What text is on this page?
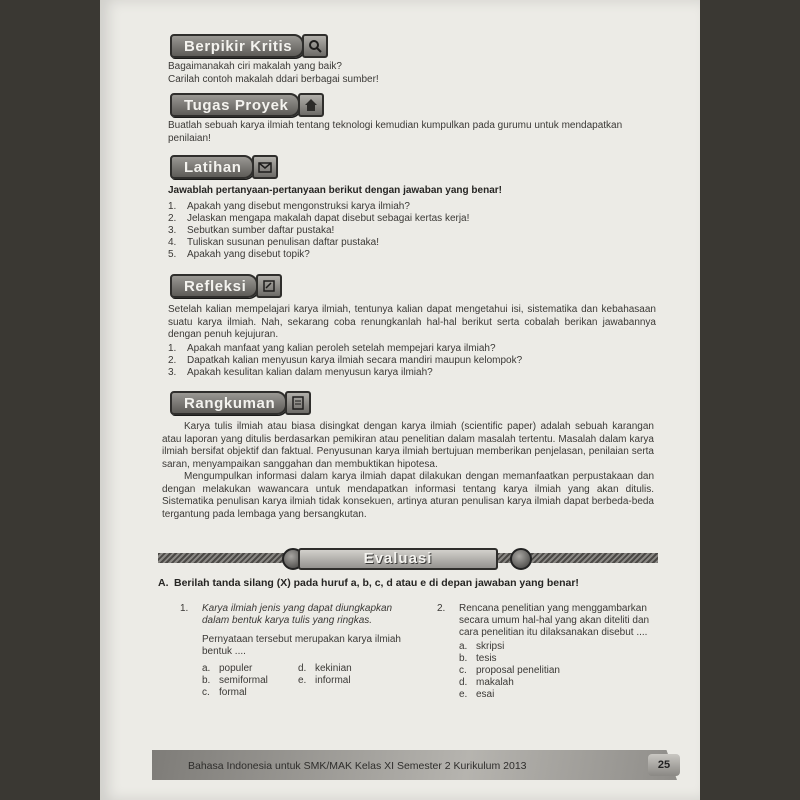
Berpikir Kritis
Bagaimanakah ciri makalah yang baik?
Carilah contoh makalah ddari berbagai sumber!
Tugas Proyek
Buatlah sebuah karya ilmiah tentang teknologi kemudian kumpulkan pada gurumu untuk mendapatkan penilaian!
Latihan
Jawablah pertanyaan-pertanyaan berikut dengan jawaban yang benar!
1.	Apakah yang disebut mengonstruksi karya ilmiah?
2.	Jelaskan mengapa makalah dapat disebut sebagai kertas kerja!
3.	Sebutkan sumber daftar pustaka!
4.	Tuliskan susunan penulisan daftar pustaka!
5.	Apakah yang disebut topik?
Refleksi

Setelah kalian mempelajari karya ilmiah, tentunya kalian dapat mengetahui isi, sistematika dan kebahasaan suatu karya ilmiah. Nah, sekarang coba renungkanlah hal-hal berikut serta cobalah berikan jawabannya dengan penuh kejujuran.

1.	Apakah manfaat yang kalian peroleh setelah mempejari karya ilmiah?
2.	Dapatkah kalian menyusun karya ilmiah secara mandiri maupun kelompok?
3.	Apakah kesulitan kalian dalam menyusun karya ilmiah?
Rangkuman

Karya tulis ilmiah atau biasa disingkat dengan karya ilmiah (scientific paper) adalah sebuah karangan atau laporan yang ditulis berdasarkan pemikiran atau penelitian dalam masalah tertentu. Masalah dalam karya ilmiah bersifat objektif dan faktual. Penyusunan karya ilmiah bertujuan memberikan penjelasan, penilaian serta saran, menyampaikan sanggahan dan membuktikan hipotesa.

Mengumpulkan informasi dalam karya ilmiah dapat dilakukan dengan memanfaatkan perpustakaan dan dengan melakukan wawancara untuk mendapatkan informasi tentang karya ilmiah yang akan ditulis. Sistematika penulisan karya ilmiah tidak konsekuen, artinya aturan penulisan karya ilmiah dapat berbeda-beda tergantung pada lembaga yang bersangkutan.

Evaluasi
A. Berilah tanda silang (X) pada huruf a, b, c, d atau e di depan jawaban yang benar!
1.	Karya ilmiah jenis yang dapat diungkapkan dalam bentuk karya tulis yang ringkas.
Pernyataan tersebut merupakan karya ilmiah bentuk ....
a. populer	d. kekinian
b. semiformal	e. informal
c. formal
2.	Rencana penelitian yang menggambarkan secara umum hal-hal yang akan diteliti dan cara penelitian itu dilaksanakan disebut ....
a. skripsi
b. tesis
c. proposal penelitian
d. makalah
e. esai
Bahasa Indonesia untuk SMK/MAK Kelas XI Semester 2 Kurikulum 2013	25
